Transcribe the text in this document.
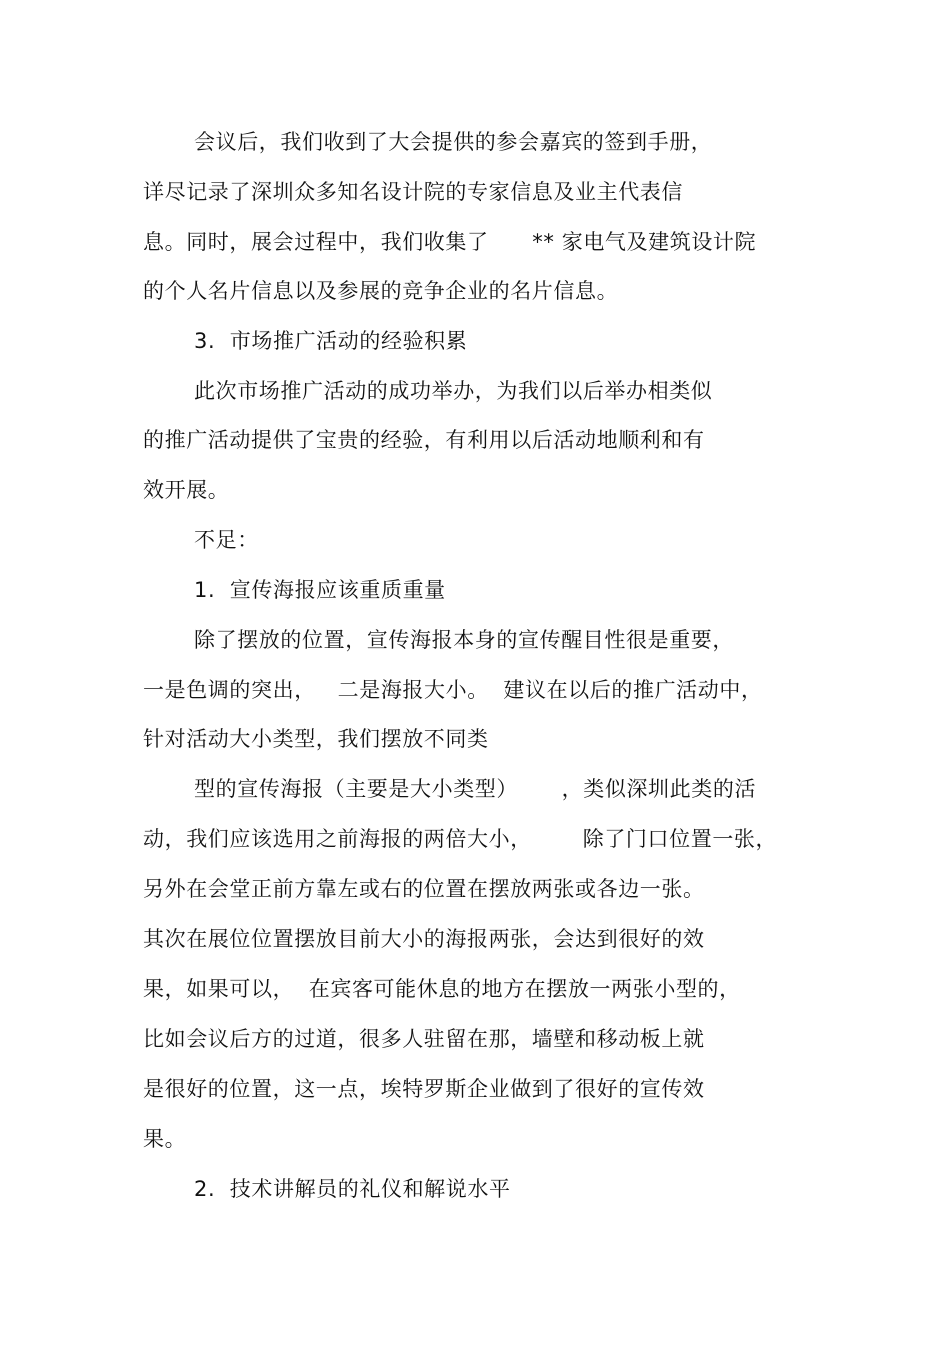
会议后，我们收到了大会提供的参会嘉宾的签到手册，
详尽记录了深圳众多知名设计院的专家信息及业主代表信
息。同时，展会过程中，我们收集了      ** 家电气及建筑设计院
的个人名片信息以及参展的竞争企业的名片信息。
3.  市场推广活动的经验积累
此次市场推广活动的成功举办，为我们以后举办相类似
的推广活动提供了宝贵的经验，有利用以后活动地顺利和有
效开展。
不足：
1.  宣传海报应该重质重量
除了摆放的位置，宣传海报本身的宣传醒目性很是重要，
一是色调的突出，   二是海报大小。  建议在以后的推广活动中，
针对活动大小类型，我们摆放不同类
型的宣传海报（主要是大小类型）      ，类似深圳此类的活
动，我们应该选用之前海报的两倍大小，       除了门口位置一张，
另外在会堂正前方靠左或右的位置在摆放两张或各边一张。
其次在展位位置摆放目前大小的海报两张，会达到很好的效
果，如果可以，  在宾客可能休息的地方在摆放一两张小型的，
比如会议后方的过道，很多人驻留在那，墙壁和移动板上就
是很好的位置，这一点，埃特罗斯企业做到了很好的宣传效
果。
2.  技术讲解员的礼仪和解说水平
